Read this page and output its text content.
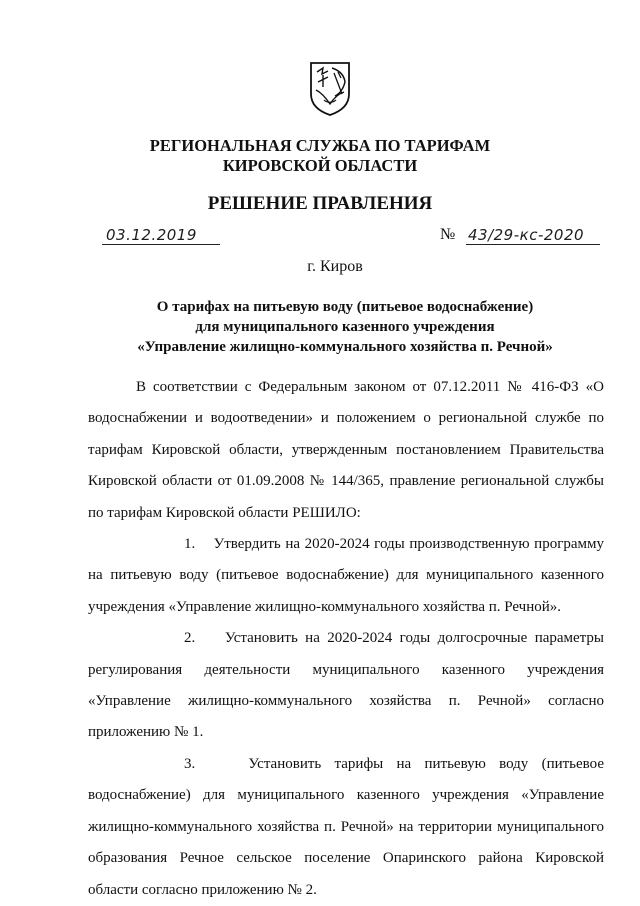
РЕГИОНАЛЬНАЯ СЛУЖБА ПО ТАРИФАМ
КИРОВСКОЙ ОБЛАСТИ
РЕШЕНИЕ ПРАВЛЕНИЯ
03.12.2019	№ 43/29-кс-2020
г. Киров
О тарифах на питьевую воду (питьевое водоснабжение)
для муниципального казенного учреждения
«Управление жилищно-коммунального хозяйства п. Речной»

В соответствии с Федеральным законом от 07.12.2011 № 416-ФЗ «О водоснабжении и водоотведении» и положением о региональной службе по тарифам Кировской области, утвержденным постановлением Правительства Кировской области от 01.09.2008 № 144/365, правление региональной службы по тарифам Кировской области РЕШИЛО:

1. Утвердить на 2020-2024 годы производственную программу на питьевую воду (питьевое водоснабжение) для муниципального казенного учреждения «Управление жилищно-коммунального хозяйства п. Речной».

2. Установить на 2020-2024 годы долгосрочные параметры регулирования деятельности муниципального казенного учреждения «Управление жилищно-коммунального хозяйства п. Речной» согласно приложению № 1.

3.	Установить тарифы на питьевую воду (питьевое водоснабжение) для муниципального казенного учреждения «Управление жилищно-коммунального хозяйства п. Речной» на территории муниципального образования Речное сельское поселение Опаринского района Кировской области согласно приложению № 2.
